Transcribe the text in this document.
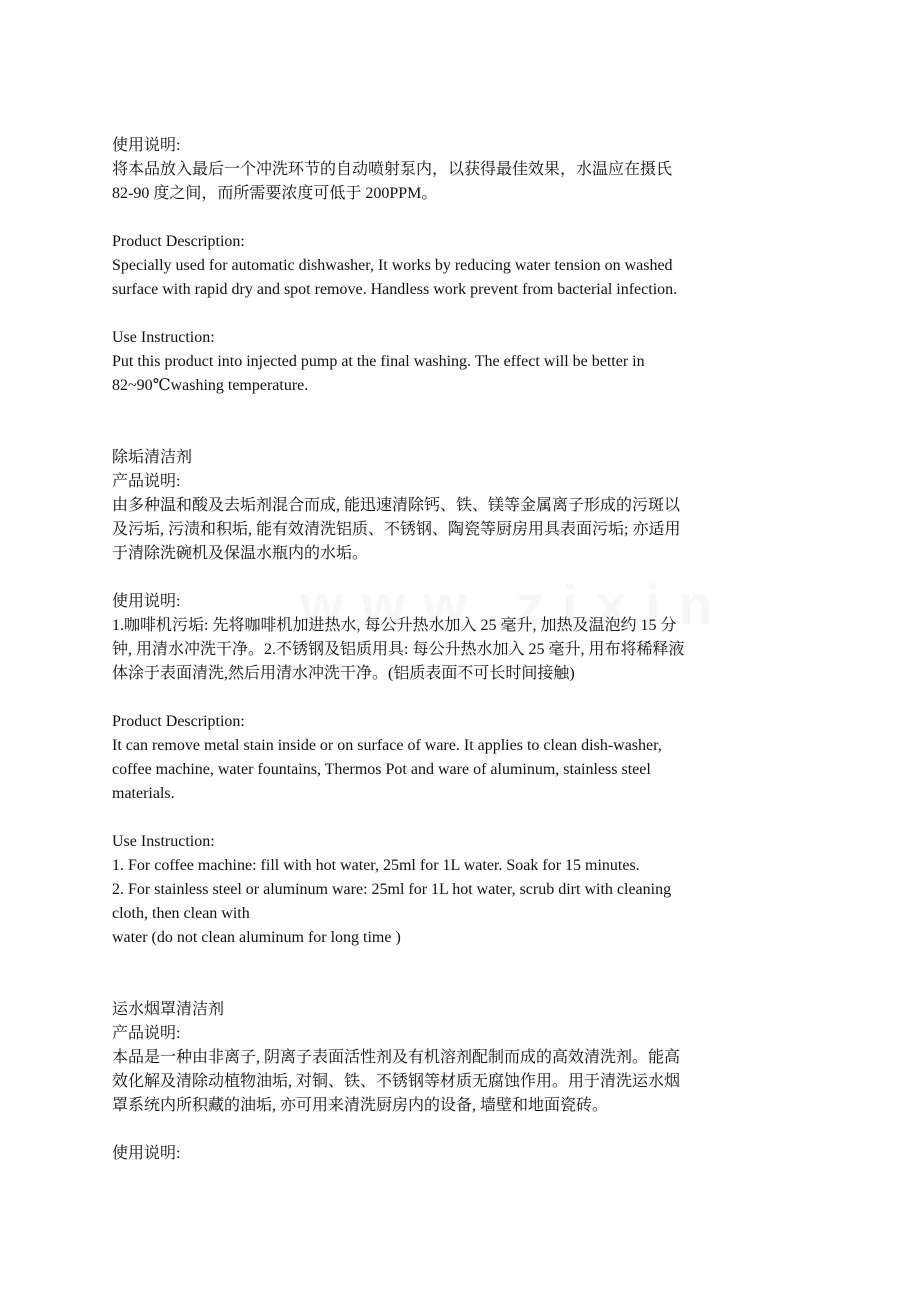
使用说明:

将本品放入最后一个冲洗环节的自动喷射泵内，以获得最佳效果，水温应在摄氏

82-90 度之间，而所需要浓度可低于 200PPM。

Product Description:

Specially used for automatic dishwasher, It works by reducing water tension on washed

surface with rapid dry and spot remove. Handless work prevent from bacterial infection.

Use Instruction:

Put this product into injected pump at the final washing. The effect will be better in

82~90℃washing temperature.

除垢清洁剂

产品说明:

由多种温和酸及去垢剂混合而成, 能迅速清除钙、铁、镁等金属离子形成的污斑以

及污垢, 污渍和积垢, 能有效清洗铝质、不锈钢、陶瓷等厨房用具表面污垢; 亦适用

于清除洗碗机及保温水瓶内的水垢。

使用说明:

1.咖啡机污垢: 先将咖啡机加进热水, 每公升热水加入 25 毫升, 加热及温泡约 15 分

钟, 用清水冲洗干净。2.不锈钢及铝质用具: 每公升热水加入 25 毫升, 用布将稀释液

体涂于表面清洗,然后用清水冲洗干净。(铝质表面不可长时间接触)

Product Description:

It can remove metal stain inside or on surface of ware. It applies to clean dish-washer,

coffee machine, water fountains, Thermos Pot and ware of aluminum, stainless steel

materials.

Use Instruction:

1. For coffee machine: fill with hot water, 25ml for 1L water. Soak for 15 minutes.

2. For stainless steel or aluminum ware: 25ml for 1L hot water, scrub dirt with cleaning

cloth, then clean with

water (do not clean aluminum for long time )

运水烟罩清洁剂

产品说明:

本品是一种由非离子, 阴离子表面活性剂及有机溶剂配制而成的高效清洗剂。能高

效化解及清除动植物油垢, 对铜、铁、不锈钢等材质无腐蚀作用。用于清洗运水烟

罩系统内所积藏的油垢, 亦可用来清洗厨房内的设备, 墙壁和地面瓷砖。

使用说明:
